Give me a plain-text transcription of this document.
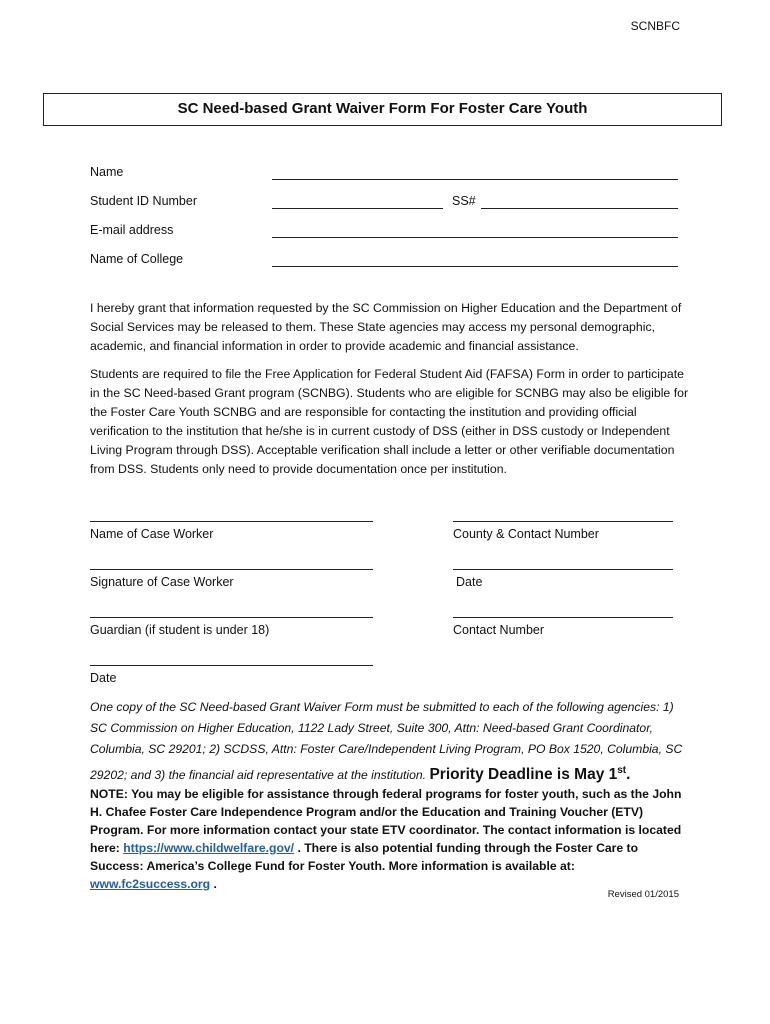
SCNBFC
SC Need-based Grant Waiver Form For Foster Care Youth
Name
Student ID Number	SS#
E-mail address
Name of College

I hereby grant that information requested by the SC Commission on Higher Education and the Department of Social Services may be released to them. These State agencies may access my personal demographic, academic, and financial information in order to provide academic and financial assistance.

Students are required to file the Free Application for Federal Student Aid (FAFSA) Form in order to participate in the SC Need-based Grant program (SCNBG). Students who are eligible for SCNBG may also be eligible for the Foster Care Youth SCNBG and are responsible for contacting the institution and providing official verification to the institution that he/she is in current custody of DSS (either in DSS custody or Independent Living Program through DSS). Acceptable verification shall include a letter or other verifiable documentation from DSS. Students only need to provide documentation once per institution.

Name of Case Worker	County & Contact Number
Signature of Case Worker	Date
Guardian (if student is under 18)	Contact Number
Date
One copy of the SC Need-based Grant Waiver Form must be submitted to each of the following agencies: 1) SC Commission on Higher Education, 1122 Lady Street, Suite 300, Attn: Need-based Grant Coordinator, Columbia, SC 29201; 2) SCDSS, Attn: Foster Care/Independent Living Program, PO Box 1520, Columbia, SC 29202; and 3) the financial aid representative at the institution. Priority Deadline is May 1st.
NOTE: You may be eligible for assistance through federal programs for foster youth, such as the John H. Chafee Foster Care Independence Program and/or the Education and Training Voucher (ETV) Program. For more information contact your state ETV coordinator. The contact information is located here: https://www.childwelfare.gov/ . There is also potential funding through the Foster Care to Success: America’s College Fund for Foster Youth. More information is available at: www.fc2success.org .
Revised 01/2015
